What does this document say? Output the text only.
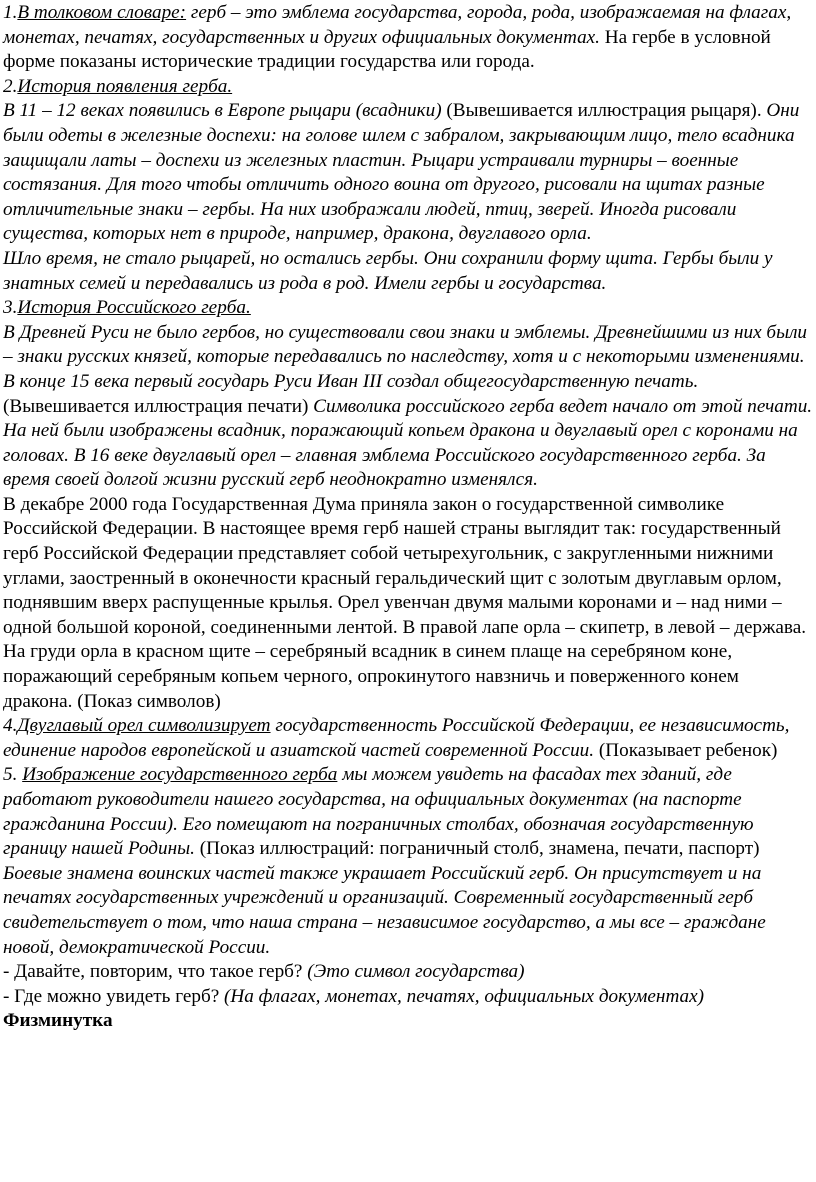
1.В толковом словаре: герб – это эмблема государства, города, рода, изображаемая на флагах, монетах, печатях, государственных и других официальных документах. На гербе в условной форме показаны исторические традиции государства или города.

2.История появления герба.

В 11 – 12 веках появились в Европе рыцари (всадники) (Вывешивается иллюстрация рыцаря). Они были одеты в железные доспехи: на голове шлем с забралом, закрывающим лицо, тело всадника защищали латы – доспехи из железных пластин. Рыцари устраивали турниры – военные состязания. Для того чтобы отличить одного воина от другого, рисовали на щитах разные отличительные знаки – гербы. На них изображали людей, птиц, зверей. Иногда рисовали существа, которых нет в природе, например, дракона, двуглавого орла.

Шло время, не стало рыцарей, но остались гербы. Они сохранили форму щита. Гербы были у знатных семей и передавались из рода в род. Имели гербы и государства.

3.История Российского герба.

В Древней Руси не было гербов, но существовали свои знаки и эмблемы. Древнейшими из них были – знаки русских князей, которые передавались по наследству, хотя и с некоторыми изменениями. В конце 15 века первый государь Руси Иван III создал общегосударственную печать. (Вывешивается иллюстрация печати) Символика российского герба ведет начало от этой печати. На ней были изображены всадник, поражающий копьем дракона и двуглавый орел с коронами на головах. В 16 веке двуглавый орел – главная эмблема Российского государственного герба. За время своей долгой жизни русский герб неоднократно изменялся.

В декабре 2000 года Государственная Дума приняла закон о государственной символике Российской Федерации. В настоящее время герб нашей страны выглядит так: государственный герб Российской Федерации представляет собой четырехугольник, с закругленными нижними углами, заостренный в оконечности красный геральдический щит с золотым двуглавым орлом, поднявшим вверх распущенные крылья. Орел увенчан двумя малыми коронами и – над ними – одной большой короной, соединенными лентой. В правой лапе орла – скипетр, в левой – держава. На груди орла в красном щите – серебряный всадник в синем плаще на серебряном коне, поражающий серебряным копьем черного, опрокинутого навзничь и поверженного конем дракона. (Показ символов)

4.Двуглавый орел символизирует государственность Российской Федерации, ее независимость, единение народов европейской и азиатской частей современной России. (Показывает ребенок)

5. Изображение государственного герба мы можем увидеть на фасадах тех зданий, где работают руководители нашего государства, на официальных документах (на паспорте гражданина России). Его помещают на пограничных столбах, обозначая государственную границу нашей Родины. (Показ иллюстраций: пограничный столб, знамена, печати, паспорт)

Боевые знамена воинских частей также украшает Российский герб. Он присутствует и на печатях государственных учреждений и организаций. Современный государственный герб свидетельствует о том, что наша страна – независимое государство, а мы все – граждане новой, демократической России.

- Давайте, повторим, что такое герб? (Это символ государства)

- Где можно увидеть герб? (На флагах, монетах, печатях, официальных документах)

Физминутка
